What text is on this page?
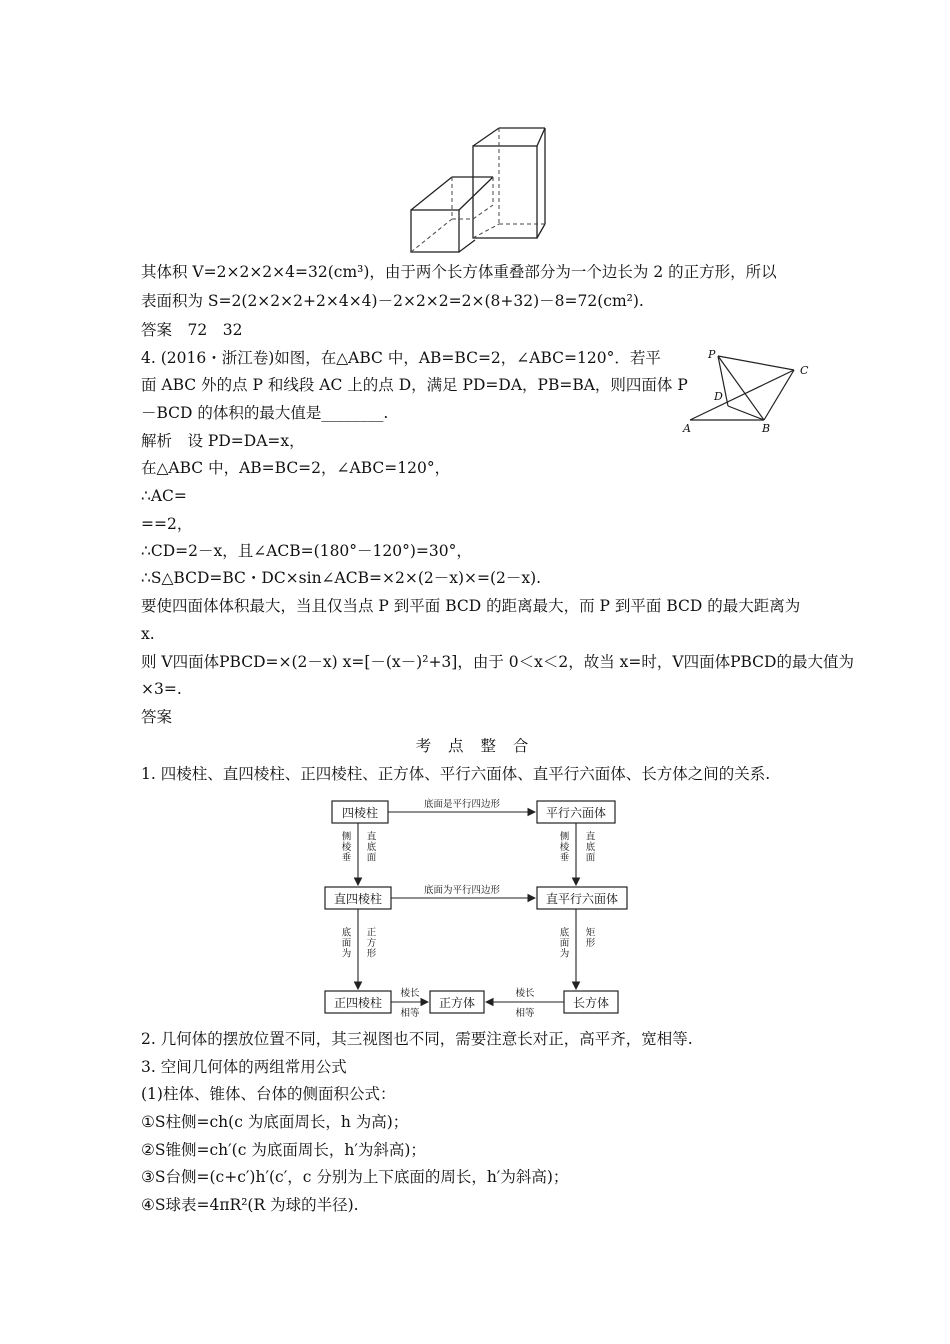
其体积 V=2×2×2×4=32(cm³)，由于两个长方体重叠部分为一个边长为 2 的正方形，所以
表面积为 S=2(2×2×2+2×4×4)－2×2×2=2×(8+32)－8=72(cm²).
答案　72　32
4. (2016・浙江卷)如图，在△ABC 中，AB=BC=2，∠ABC=120°．若平
面 ABC 外的点 P 和线段 AC 上的点 D，满足 PD=DA，PB=BA，则四面体 P
－BCD 的体积的最大值是________.
P
C
D
A	B
解析　设 PD=DA=x，
在△ABC 中，AB=BC=2，∠ABC=120°，
∴AC=
==2，
∴CD=2－x，且∠ACB=(180°－120°)=30°，
∴S△BCD=BC・DC×sin∠ACB=×2×(2－x)×=(2－x).
要使四面体体积最大，当且仅当点 P 到平面 BCD 的距离最大，而 P 到平面 BCD 的最大距离为
x.
则 V四面体PBCD=×(2－x) x=[－(x－)²+3]，由于 0＜x＜2，故当 x=时，V四面体PBCD的最大值为
×3=.
答案
考 点 整 合
1. 四棱柱、直四棱柱、正四棱柱、正方体、平行六面体、直平行六面体、长方体之间的关系.
四棱柱	平行六面体
直四棱柱	直平行六面体
正四棱柱	正方体	长方体
底面是平行四边形
底面为平行四边形
侧棱垂 直底面	侧棱垂 直底面
底面为 正方形	底面为 矩形
棱长
相等
棱长
相等
2. 几何体的摆放位置不同，其三视图也不同，需要注意长对正，高平齐，宽相等.
3. 空间几何体的两组常用公式
(1)柱体、锥体、台体的侧面积公式：
①S柱侧=ch(c 为底面周长，h 为高)；
②S锥侧=ch′(c 为底面周长，h′为斜高)；
③S台侧=(c+c′)h′(c′，c 分别为上下底面的周长，h′为斜高)；
④S球表=4πR²(R 为球的半径).
